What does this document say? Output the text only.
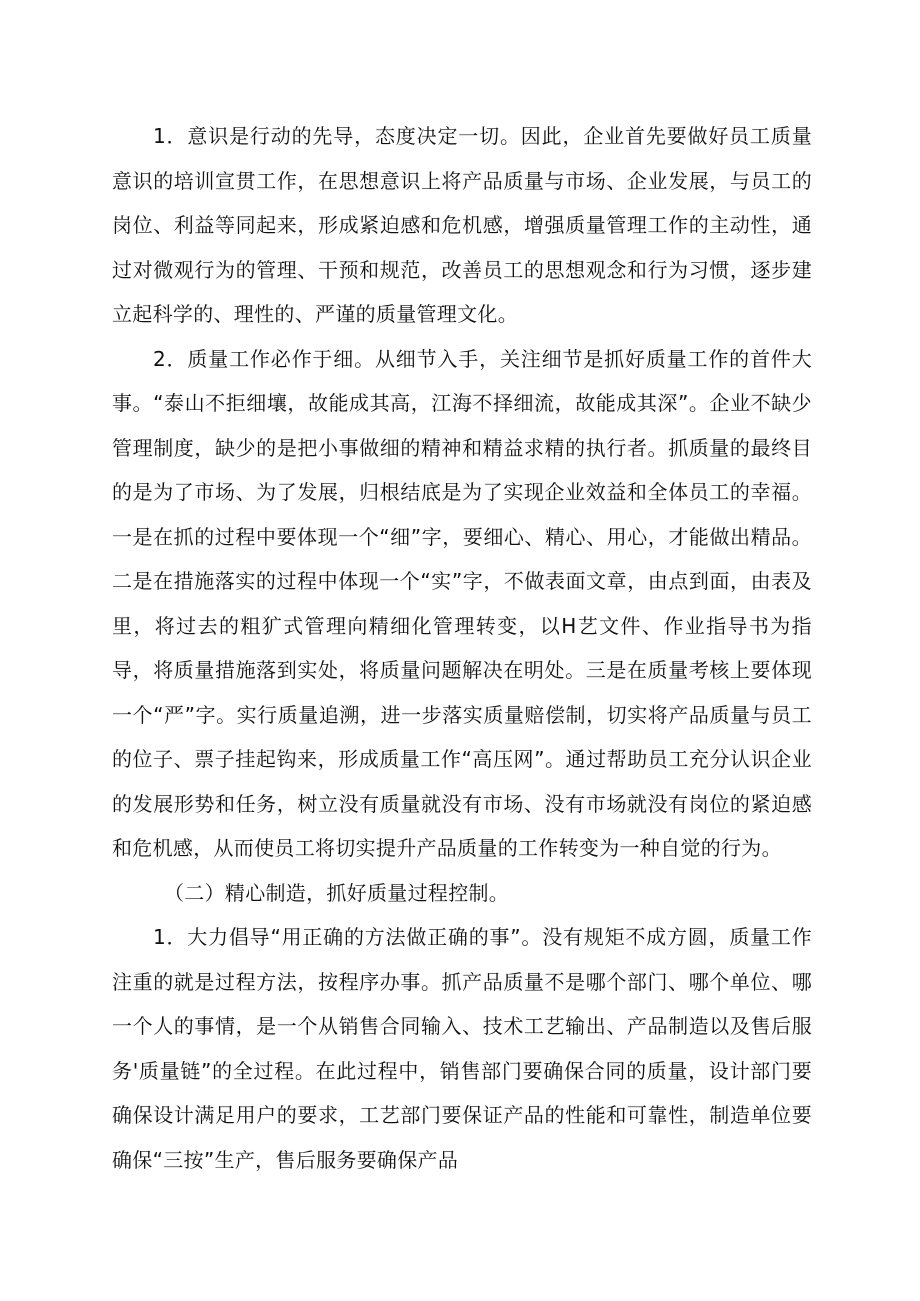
1．意识是行动的先导，态度决定一切。因此，企业首先要做好员工质量意识的培训宣贯工作，在思想意识上将产品质量与市场、企业发展，与员工的岗位、利益等同起来，形成紧迫感和危机感，增强质量管理工作的主动性，通过对微观行为的管理、干预和规范，改善员工的思想观念和行为习惯，逐步建立起科学的、理性的、严谨的质量管理文化。

2．质量工作必作于细。从细节入手，关注细节是抓好质量工作的首件大事。“泰山不拒细壤，故能成其高，江海不择细流，故能成其深”。企业不缺少管理制度，缺少的是把小事做细的精神和精益求精的执行者。抓质量的最终目的是为了市场、为了发展，归根结底是为了实现企业效益和全体员工的幸福。一是在抓的过程中要体现一个“细”字，要细心、精心、用心，才能做出精品。二是在措施落实的过程中体现一个“实”字，不做表面文章，由点到面，由表及里，将过去的粗犷式管理向精细化管理转变，以H艺文件、作业指导书为指导，将质量措施落到实处，将质量问题解决在明处。三是在质量考核上要体现一个“严”字。实行质量追溯，进一步落实质量赔偿制，切实将产品质量与员工的位子、票子挂起钩来，形成质量工作“高压网”。通过帮助员工充分认识企业的发展形势和任务，树立没有质量就没有市场、没有市场就没有岗位的紧迫感和危机感，从而使员工将切实提升产品质量的工作转变为一种自觉的行为。

（二）精心制造，抓好质量过程控制。

1．大力倡导“用正确的方法做正确的事”。没有规矩不成方圆，质量工作注重的就是过程方法，按程序办事。抓产品质量不是哪个部门、哪个单位、哪一个人的事情，是一个从销售合同输入、技术工艺输出、产品制造以及售后服务'质量链”的全过程。在此过程中，销售部门要确保合同的质量，设计部门要确保设计满足用户的要求，工艺部门要保证产品的性能和可靠性，制造单位要确保“三按”生产，售后服务要确保产品
